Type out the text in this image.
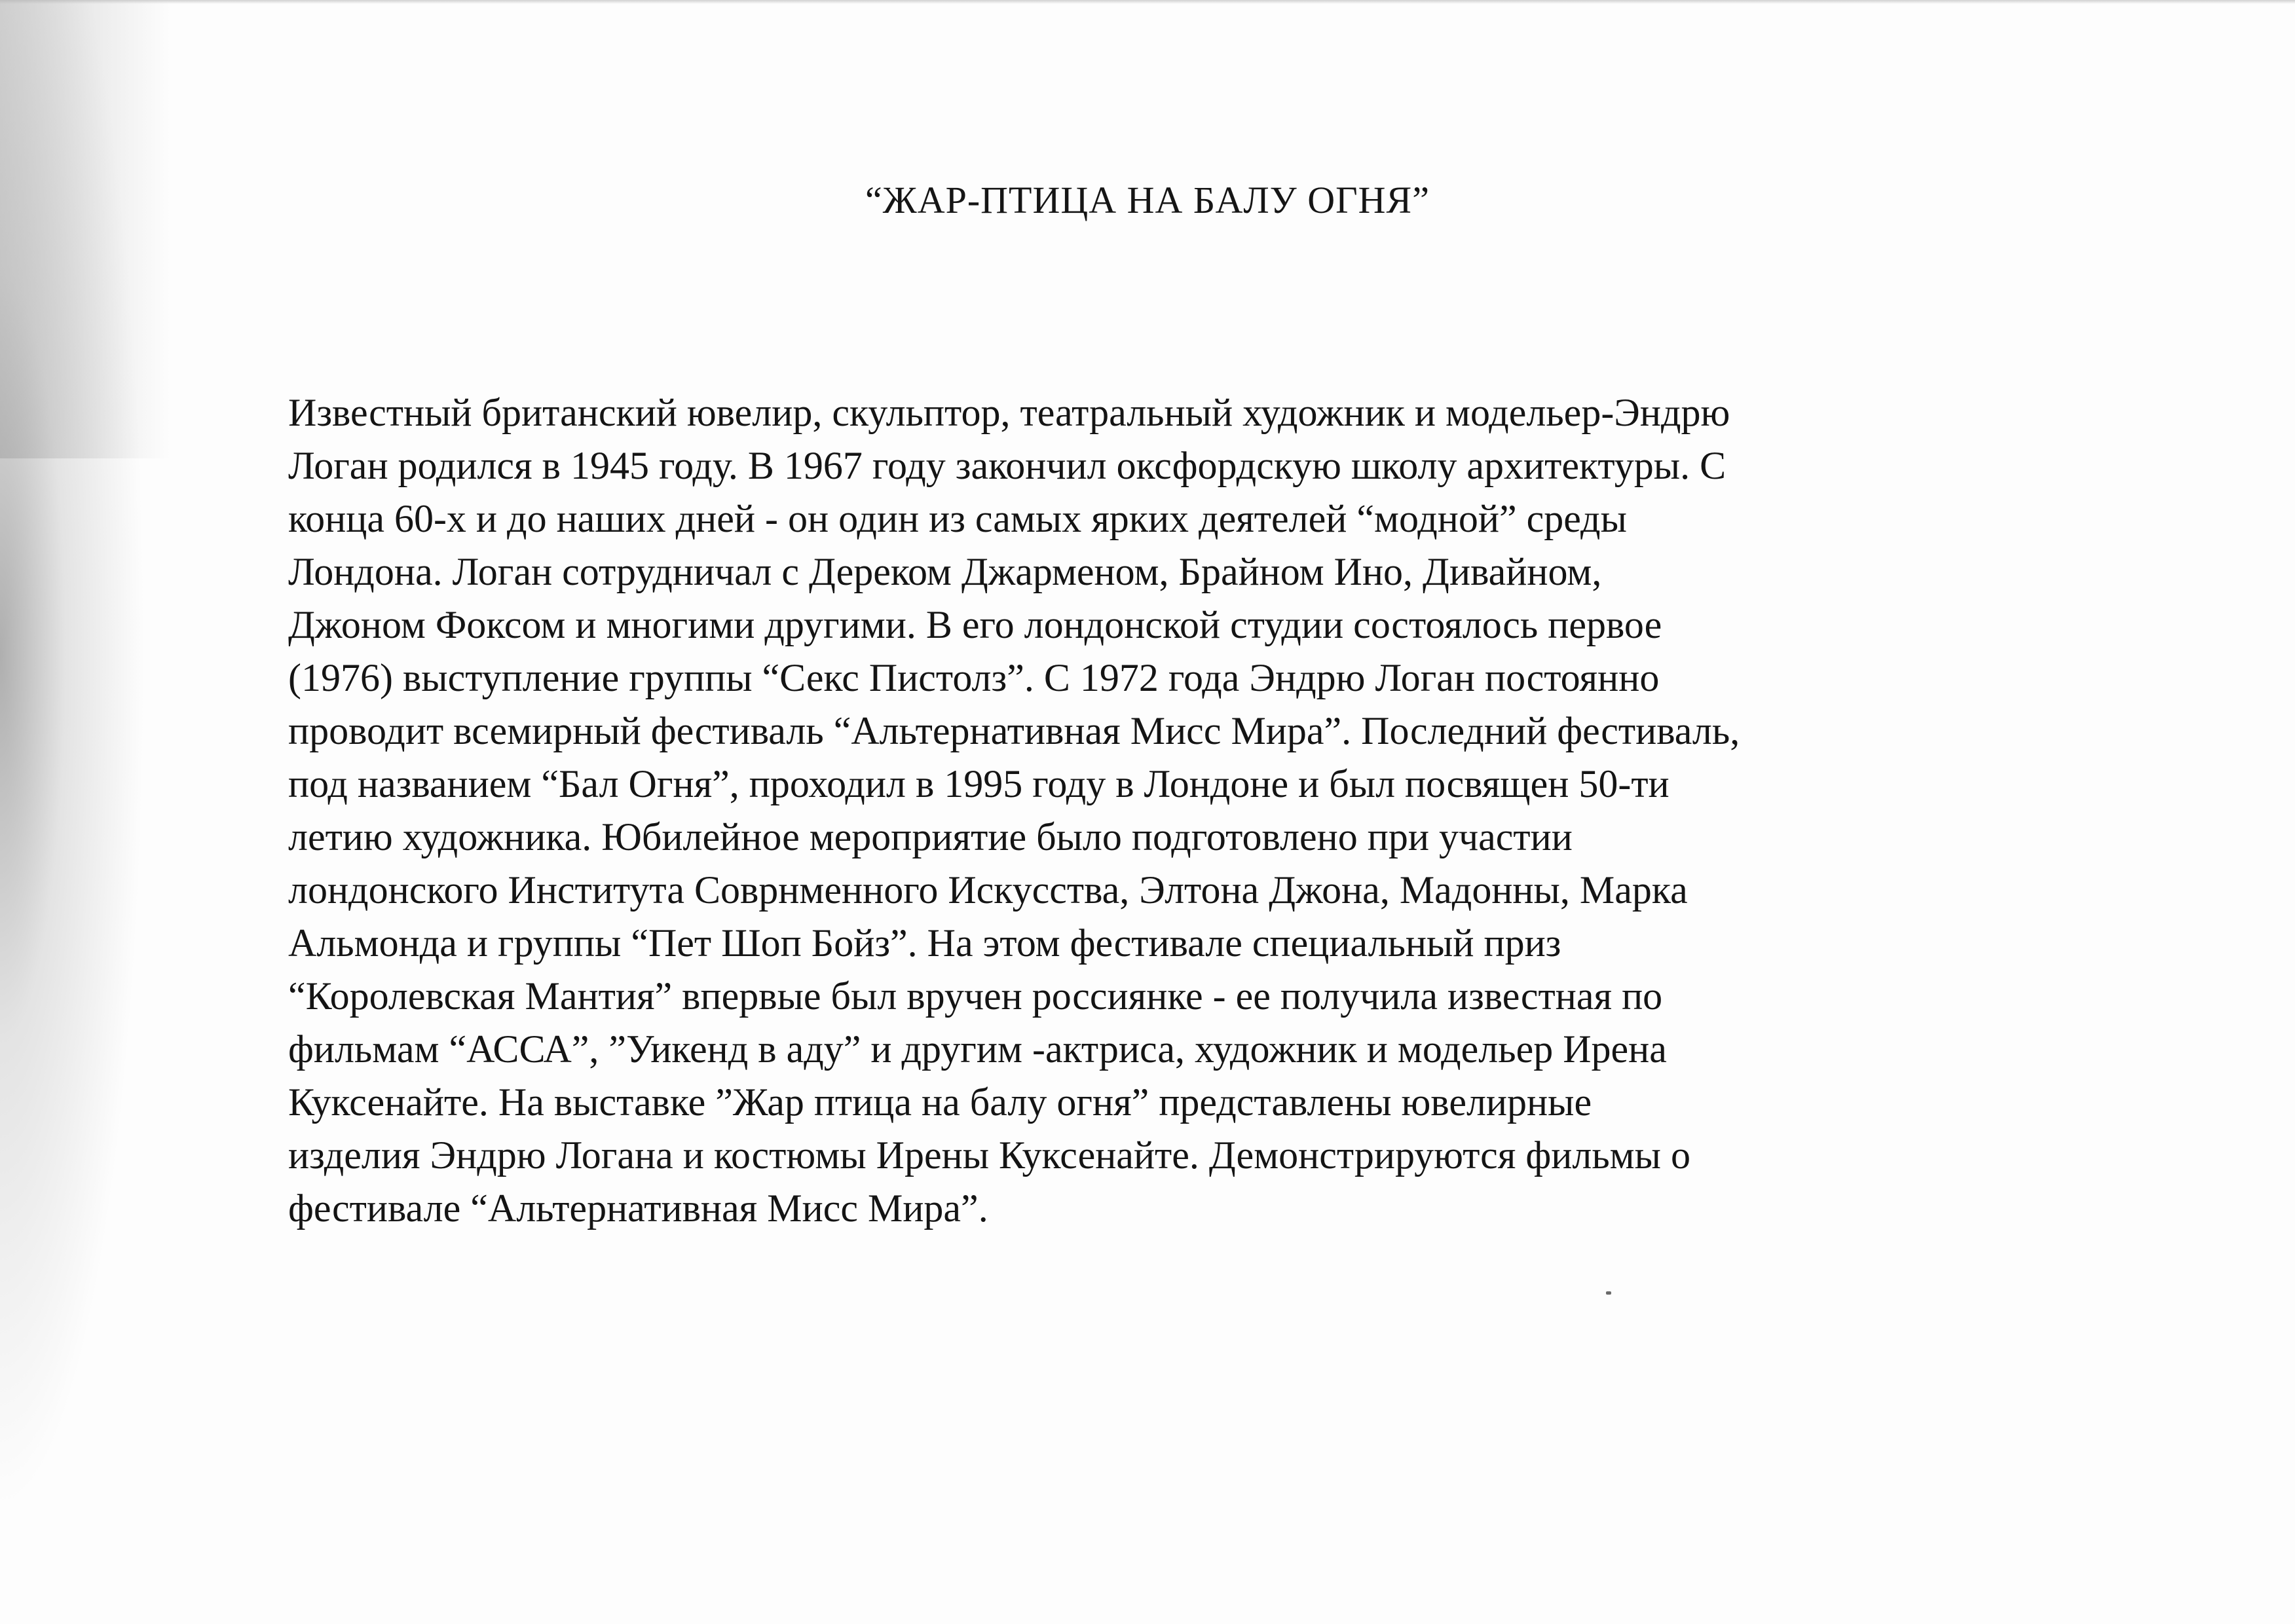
“ЖАР-ПТИЦА НА БАЛУ ОГНЯ”
Известный британский ювелир, скульптор, театральный художник и модельер-Эндрю
Логан родился в 1945 году. В 1967 году закончил оксфордскую школу архитектуры. С
конца 60-х и до наших дней - он один из самых ярких деятелей “модной” среды
Лондона. Логан сотрудничал с Дереком Джарменом, Брайном Ино, Дивайном,
Джоном Фоксом и многими другими. В его лондонской студии состоялось первое
(1976) выступление группы “Секс Пистолз”. С 1972 года Эндрю Логан постоянно
проводит всемирный фестиваль “Альтернативная Мисс Мира”. Последний фестиваль,
под названием “Бал Огня”, проходил в 1995 году в Лондоне и был посвящен 50-ти
летию художника. Юбилейное мероприятие было подготовлено при участии
лондонского Института Соврнменного Искусства, Элтона Джона, Мадонны, Марка
Альмонда и группы “Пет Шоп Бойз”. На этом фестивале специальный приз
“Королевская Мантия” впервые был вручен россиянке - ее получила известная по
фильмам “АССА”, ”Уикенд в аду” и другим -актриса, художник и модельер Ирена
Куксенайте. На выставке ”Жар птица на балу огня” представлены ювелирные
изделия Эндрю Логана и костюмы Ирены Куксенайте. Демонстрируются фильмы о
фестивале “Альтернативная Мисс Мира”.
